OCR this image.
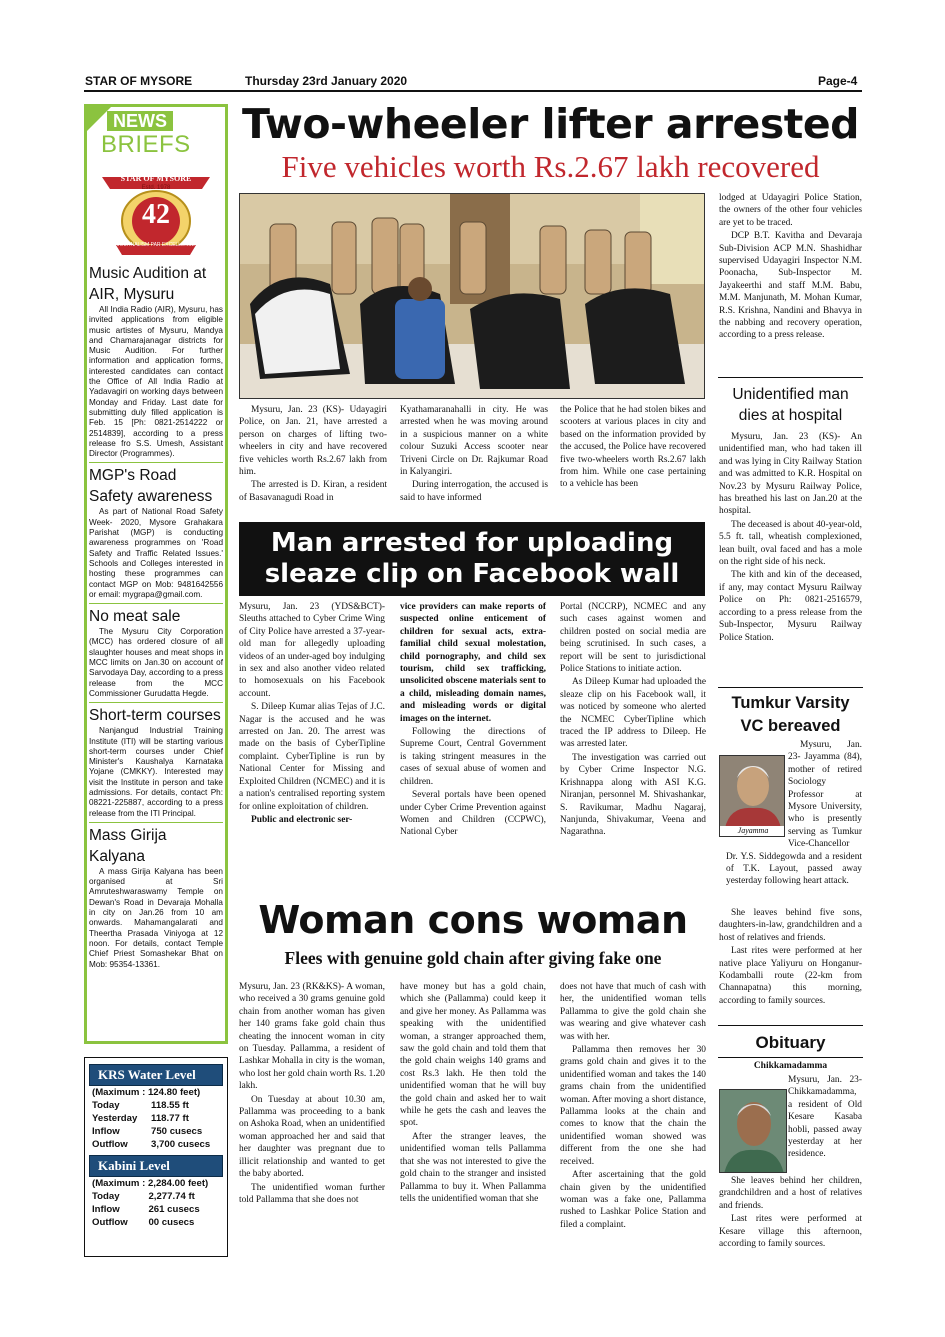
STAR OF MYSORE	Thursday 23rd January 2020	Page-4
NEWS
BRIEFS
STAR OF MYSORE
Estd. 1978
42
JOURNALISM PAR EXCELLENCE
Music Audition at AIR, Mysuru

All India Radio (AIR), Mysuru, has invited applications from eligible music artistes of Mysuru, Mandya and Chamarajanagar districts for Music Audition. For further information and application forms, interested candidates can contact the Office of All India Radio at Yadavagiri on working days between Monday and Friday. Last date for submitting duly filled application is Feb. 15 [Ph: 0821-2514222 or 2514839], according to a press release fro S.S. Umesh, Assistant Director (Programmes).

MGP's Road Safety awareness

As part of National Road Safety Week- 2020, Mysore Grahakara Parishat (MGP) is conducting awareness programmes on 'Road Safety and Traffic Related Issues.' Schools and Colleges interested in hosting these programmes can contact MGP on Mob: 9481642556 or email: mygrapa@gmail.com.

No meat sale

The Mysuru City Corporation (MCC) has ordered closure of all slaughter houses and meat shops in MCC limits on Jan.30 on account of Sarvodaya Day, according to a press release from the MCC Commissioner Gurudatta Hegde.

Short-term courses

Nanjangud Industrial Training Institute (ITI) will be starting various short-term courses under Chief Minister's Kaushalya Karnataka Yojane (CMKKY). Interested may visit the Institute in person and take admissions. For details, contact Ph: 08221-225887, according to a press release from the ITI Principal.

Mass Girija Kalyana

A mass Girija Kalyana has been organised at Sri Amruteshwaraswamy Temple on Dewan's Road in Devaraja Mohalla in city on Jan.26 from 10 am onwards. Mahamangalarati and Theertha Prasada Viniyoga at 12 noon. For details, contact Temple Chief Priest Somashekar Bhat on Mob: 95354-13361.

KRS Water Level
(Maximum : 124.80 feet)	
Today	118.55 ft
Yesterday	118.77 ft
Inflow	750 cusecs
Outflow	3,700 cusecs
Kabini Level
(Maximum : 2,284.00 feet)	
Today	2,277.74 ft
Inflow	261 cusecs
Outflow	00 cusecs
Two-wheeler lifter arrested
Five vehicles worth Rs.2.67 lakh recovered

Mysuru, Jan. 23 (KS)- Udayagiri Police, on Jan. 21, have arrested a person on charges of lifting two-wheelers in city and have recovered five vehicles worth Rs.2.67 lakh from him.

The arrested is D. Kiran, a resident of Basavanagudi Road in

Kyathamaranahalli in city. He was arrested when he was moving around in a suspicious manner on a white colour Suzuki Access scooter near Triveni Circle on Dr. Rajkumar Road in Kalyangiri.

During interrogation, the accused is said to have informed

the Police that he had stolen bikes and scooters at various places in city and based on the information provided by the accused, the Police have recovered five two-wheelers worth Rs.2.67 lakh from him. While one case pertaining to a vehicle has been

lodged at Udayagiri Police Station, the owners of the other four vehicles are yet to be traced.

DCP B.T. Kavitha and Devaraja Sub-Division ACP M.N. Shashidhar supervised Udayagiri Inspector N.M. Poonacha, Sub-Inspector M. Jayakeerthi and staff M.M. Babu, M.M. Manjunath, M. Mohan Kumar, R.S. Krishna, Nandini and Bhavya in the nabbing and recovery operation, according to a press release.

Unidentified man dies at hospital

Mysuru, Jan. 23 (KS)- An unidentified man, who had taken ill and was lying in City Railway Station and was admitted to K.R. Hospital on Nov.23 by Mysuru Railway Police, has breathed his last on Jan.20 at the hospital.

The deceased is about 40-year-old, 5.5 ft. tall, wheatish complexioned, lean built, oval faced and has a mole on the right side of his neck.

The kith and kin of the deceased, if any, may contact Mysuru Railway Police on Ph: 0821-2516579, according to a press release from the Sub-Inspector, Mysuru Railway Police Station.

Man arrested for uploading
sleaze clip on Facebook wall

Mysuru, Jan. 23 (YDS&BCT)- Sleuths attached to Cyber Crime Wing of City Police have arrested a 37-year-old man for allegedly uploading videos of an under-aged boy indulging in sex and also another video related to homosexuals on his Facebook account.

S. Dileep Kumar alias Tejas of J.C. Nagar is the accused and he was arrested on Jan. 20. The arrest was made on the basis of CyberTipline complaint. CyberTipline is run by National Center for Missing and Exploited Children (NCMEC) and it is a nation's centralised reporting system for online exploitation of children.

Public and electronic ser-

vice providers can make reports of suspected online enticement of children for sexual acts, extra-familial child sexual molestation, child pornography, and child sex tourism, child sex trafficking, unsolicited obscene materials sent to a child, misleading domain names, and misleading words or digital images on the internet.

Following the directions of Supreme Court, Central Government is taking stringent measures in the cases of sexual abuse of women and children.

Several portals have been opened under Cyber Crime Prevention against Women and Children (CCPWC), National Cyber

Portal (NCCRP), NCMEC and any such cases against women and children posted on social media are being scrutinised. In such cases, a report will be sent to jurisdictional Police Stations to initiate action.

As Dileep Kumar had uploaded the sleaze clip on his Facebook wall, it was noticed by someone who alerted the NCMEC CyberTipline which traced the IP address to Dileep. He was arrested later.

The investigation was carried out by Cyber Crime Inspector N.G. Krishnappa along with ASI K.G. Niranjan, personnel M. Shivashankar, S. Ravikumar, Madhu Nagaraj, Nanjunda, Shivakumar, Veena and Nagarathna.

Tumkur Varsity VC bereaved
Jayamma

Mysuru, Jan. 23- Jayamma (84), mother of retired Sociology Professor at Mysore University, who is presently serving as Tumkur Vice-Chancellor Dr. Y.S. Siddegowda and a resident of T.K. Layout, passed away yesterday following heart attack.

She leaves behind five sons, daughters-in-law, grandchildren and a host of relatives and friends.

Last rites were performed at her native place Yaliyuru on Honganur-Kodamballi route (22-km from Channapatna) this morning, according to family sources.

Woman cons woman
Flees with genuine gold chain after giving fake one

Mysuru, Jan. 23 (RK&KS)- A woman, who received a 30 grams genuine gold chain from another woman has given her 140 grams fake gold chain thus cheating the innocent woman in city on Tuesday. Pallamma, a resident of Lashkar Mohalla in city is the woman, who lost her gold chain worth Rs. 1.20 lakh.

On Tuesday at about 10.30 am, Pallamma was proceeding to a bank on Ashoka Road, when an unidentified woman approached her and said that her daughter was pregnant due to illicit relationship and wanted to get the baby aborted.

The unidentified woman further told Pallamma that she does not

have money but has a gold chain, which she (Pallamma) could keep it and give her money. As Pallamma was speaking with the unidentified woman, a stranger approached them, saw the gold chain and told them that the gold chain weighs 140 grams and cost Rs.3 lakh. He then told the unidentified woman that he will buy the gold chain and asked her to wait while he gets the cash and leaves the spot.

After the stranger leaves, the unidentified woman tells Pallamma that she was not interested to give the gold chain to the stranger and insisted Pallamma to buy it. When Pallamma tells the unidentified woman that she

does not have that much of cash with her, the unidentified woman tells Pallamma to give the gold chain she was wearing and give whatever cash was with her.

Pallamma then removes her 30 grams gold chain and gives it to the unidentified woman and takes the 140 grams chain from the unidentified woman. After moving a short distance, Pallamma looks at the chain and comes to know that the chain the unidentified woman showed was different from the one she had received.

After ascertaining that the gold chain given by the unidentified woman was a fake one, Pallamma rushed to Lashkar Police Station and filed a complaint.

Obituary
Chikkamadamma

Mysuru, Jan. 23- Chikkamadamma, a resident of Old Kesare Kasaba hobli, passed away yesterday at her residence.

She leaves behind her children, grandchildren and a host of relatives and friends.

Last rites were performed at Kesare village this afternoon, according to family sources.
